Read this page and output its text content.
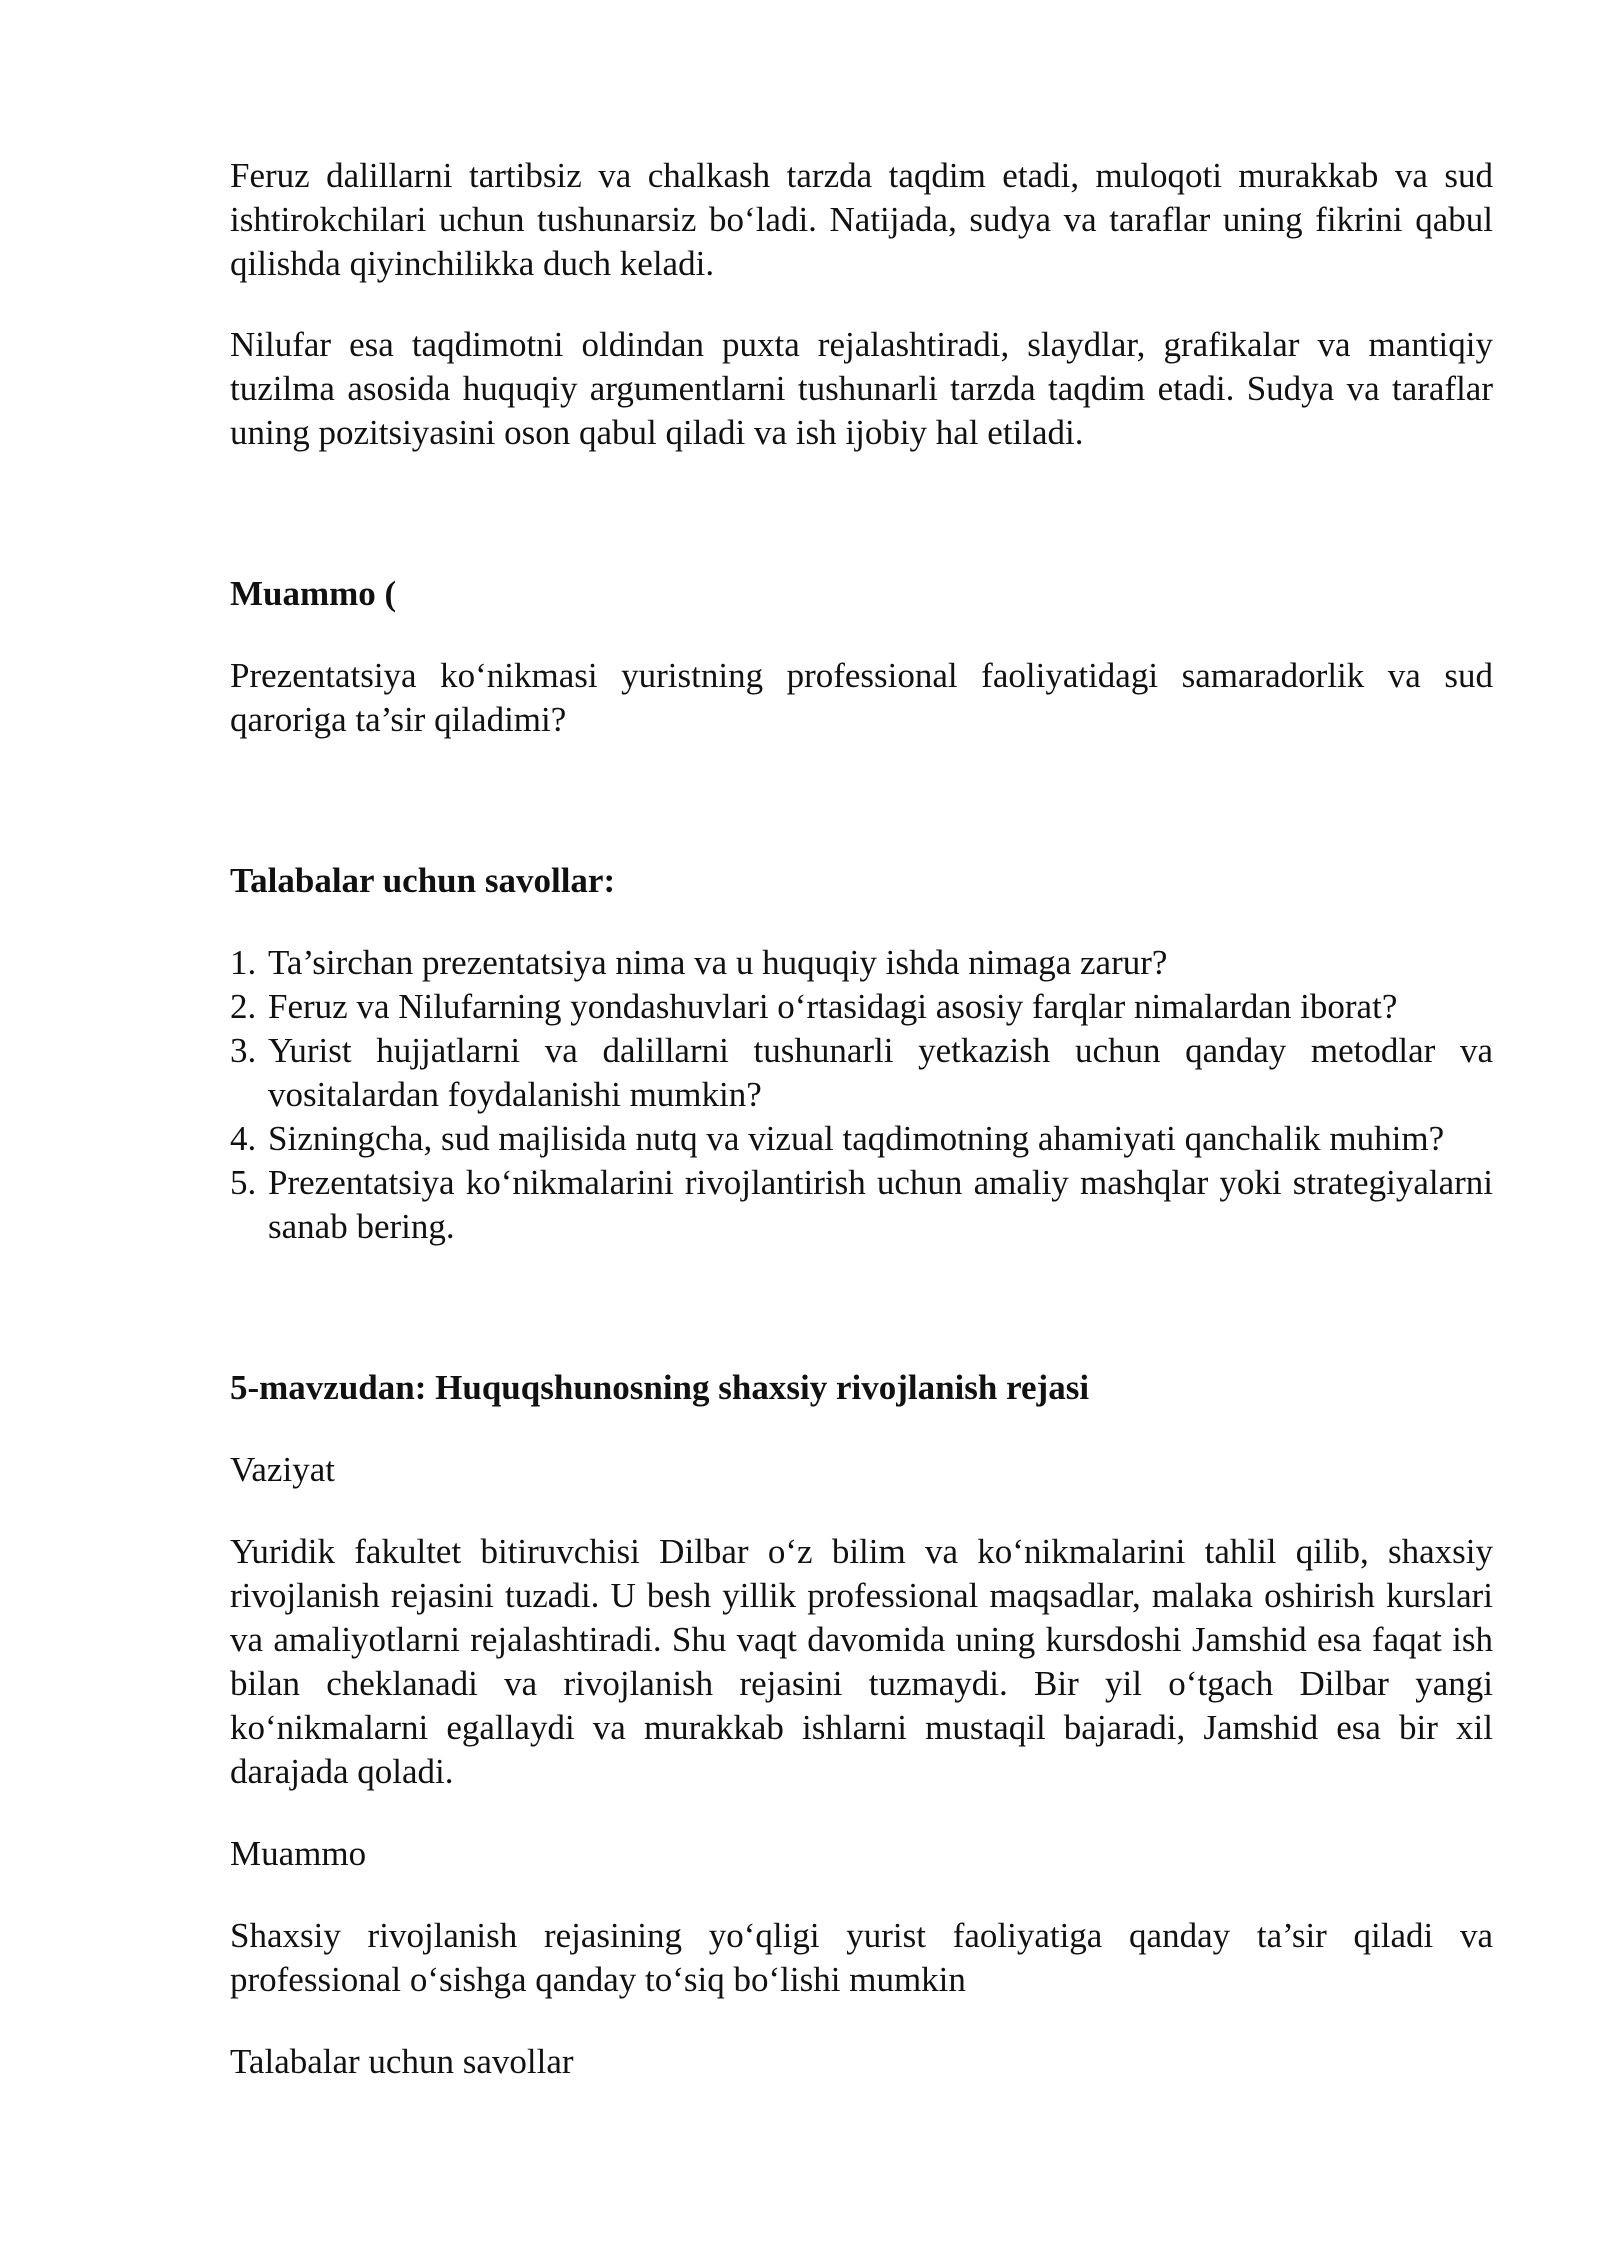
Feruz dalillarni tartibsiz va chalkash tarzda taqdim etadi, muloqoti murakkab va sud ishtirokchilari uchun tushunarsiz bo‘ladi. Natijada, sudya va taraflar uning fikrini qabul qilishda qiyinchilikka duch keladi.

Nilufar esa taqdimotni oldindan puxta rejalashtiradi, slaydlar, grafikalar va mantiqiy tuzilma asosida huquqiy argumentlarni tushunarli tarzda taqdim etadi. Sudya va taraflar uning pozitsiyasini oson qabul qiladi va ish ijobiy hal etiladi.

Muammo (

Prezentatsiya ko‘nikmasi yuristning professional faoliyatidagi samaradorlik va sud qaroriga ta’sir qiladimi?

Talabalar uchun savollar:

1. Ta’sirchan prezentatsiya nima va u huquqiy ishda nimaga zarur?
2. Feruz va Nilufarning yondashuvlari o‘rtasidagi asosiy farqlar nimalardan iborat?
3. Yurist hujjatlarni va dalillarni tushunarli yetkazish uchun qanday metodlar va vositalardan foydalanishi mumkin?
4. Sizningcha, sud majlisida nutq va vizual taqdimotning ahamiyati qanchalik muhim?
5. Prezentatsiya ko‘nikmalarini rivojlantirish uchun amaliy mashqlar yoki strategiyalarni sanab bering.

5-mavzudan: Huquqshunosning shaxsiy rivojlanish rejasi

Vaziyat

Yuridik fakultet bitiruvchisi Dilbar o‘z bilim va ko‘nikmalarini tahlil qilib, shaxsiy rivojlanish rejasini tuzadi. U besh yillik professional maqsadlar, malaka oshirish kurslari va amaliyotlarni rejalashtiradi. Shu vaqt davomida uning kursdoshi Jamshid esa faqat ish bilan cheklanadi va rivojlanish rejasini tuzmaydi. Bir yil o‘tgach Dilbar yangi ko‘nikmalarni egallaydi va murakkab ishlarni mustaqil bajaradi, Jamshid esa bir xil darajada qoladi.

Muammo

Shaxsiy rivojlanish rejasining yo‘qligi yurist faoliyatiga qanday ta’sir qiladi va professional o‘sishga qanday to‘siq bo‘lishi mumkin

Talabalar uchun savollar
